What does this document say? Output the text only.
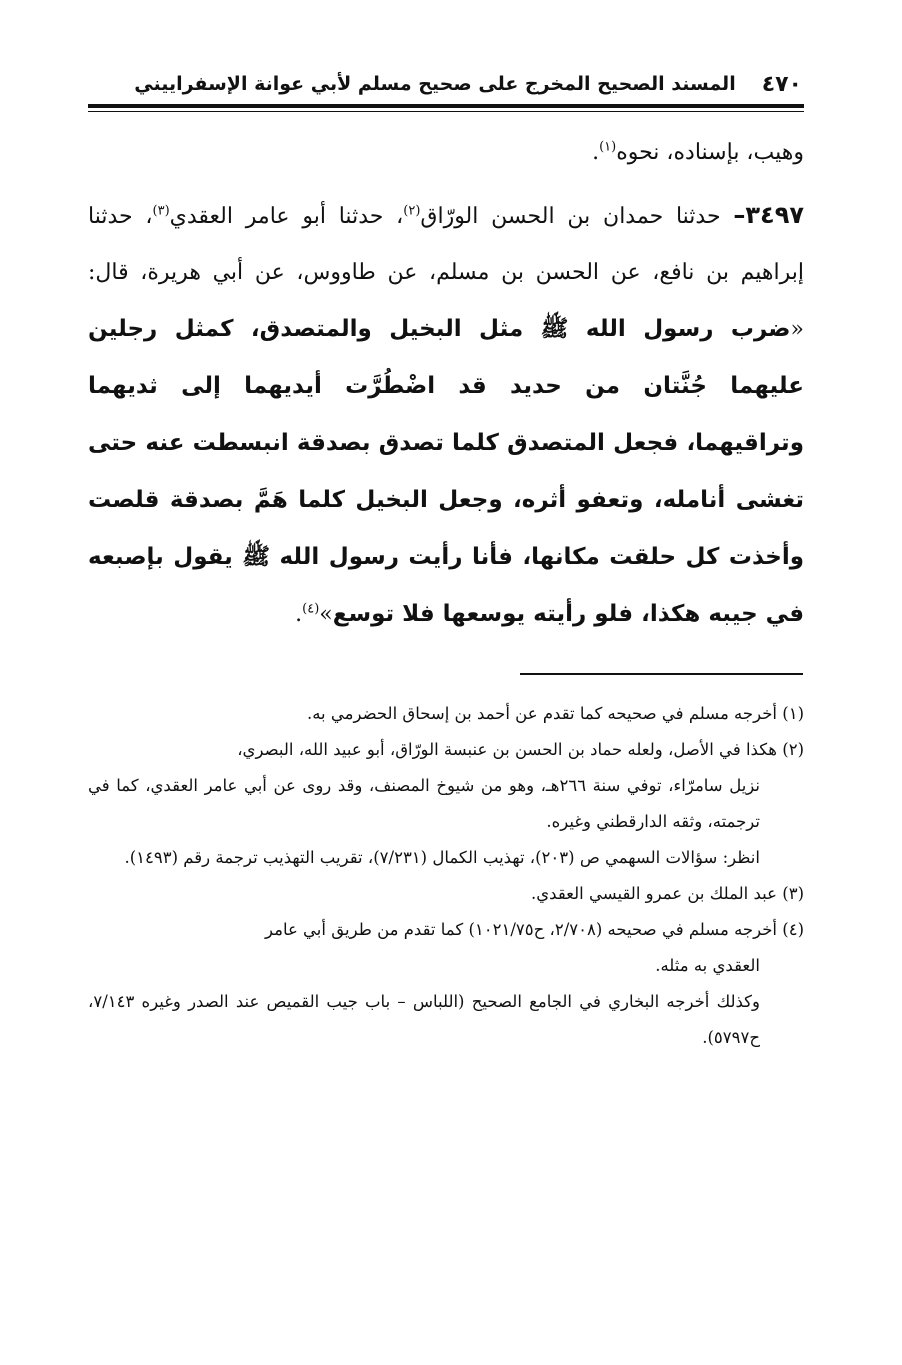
٤٧٠
المسند الصحيح المخرج على صحيح مسلم لأبي عوانة الإسفراييني

وهيب، بإسناده، نحوه$^{(١)}$.

٣٤٩٧– حدثنا حمدان بن الحسن الورّاق$^{(٢)}$، حدثنا أبو عامر العقدي$^{(٣)}$، حدثنا إبراهيم بن نافع، عن الحسن بن مسلم، عن طاووس، عن أبي هريرة، قال: «ضرب رسول الله ﷺ مثل البخيل والمتصدق، كمثل رجلين عليهما جُنَّتان من حديد قد اضْطُرَّت أيديهما إلى ثديهما وتراقيهما، فجعل المتصدق كلما تصدق بصدقة انبسطت عنه حتى تغشى أنامله، وتعفو أثره، وجعل البخيل كلما هَمَّ بصدقة قلصت وأخذت كل حلقت مكانها، فأنا رأيت رسول الله ﷺ يقول بإصبعه في جيبه هكذا، فلو رأيته يوسعها فلا توسع»$^{(٤)}$.

(١) أخرجه مسلم في صحيحه كما تقدم عن أحمد بن إسحاق الحضرمي به.

(٢) هكذا في الأصل، ولعله حماد بن الحسن بن عنبسة الورّاق، أبو عبيد الله، البصري،

نزيل سامرّاء، توفي سنة ٢٦٦هـ، وهو من شيوخ المصنف، وقد روى عن أبي عامر العقدي، كما في ترجمته، وثقه الدارقطني وغيره.

انظر: سؤالات السهمي ص (٢٠٣)، تهذيب الكمال (٧/٢٣١)، تقريب التهذيب ترجمة رقم (١٤٩٣).

(٣) عبد الملك بن عمرو القيسي العقدي.

(٤) أخرجه مسلم في صحيحه (٢/٧٠٨، ح١٠٢١/٧٥) كما تقدم من طريق أبي عامر

العقدي به مثله.

وكذلك أخرجه البخاري في الجامع الصحيح (اللباس – باب جيب القميص عند الصدر وغيره ٧/١٤٣، ح٥٧٩٧).
